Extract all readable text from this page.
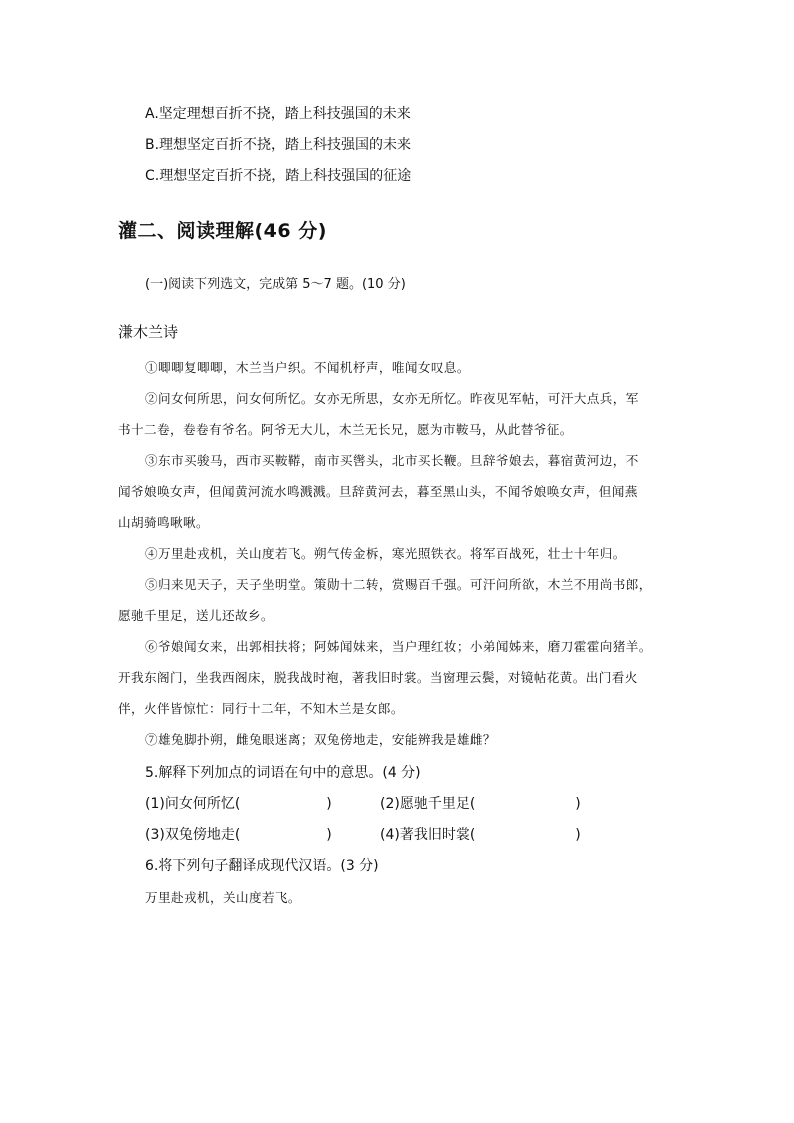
A.坚定理想百折不挠，踏上科技强国的未来
B.理想坚定百折不挠，踏上科技强国的未来
C.理想坚定百折不挠，踏上科技强国的征途
灌二、阅读理解(46 分)
(一)阅读下列选文，完成第 5～7 题。(10 分)
溓木兰诗
①唧唧复唧唧，木兰当户织。不闻机杼声，唯闻女叹息。
②问女何所思，问女何所忆。女亦无所思，女亦无所忆。昨夜见军帖，可汗大点兵，军
书十二卷，卷卷有爷名。阿爷无大儿，木兰无长兄，愿为市鞍马，从此替爷征。
③东市买骏马，西市买鞍鞯，南市买辔头，北市买长鞭。旦辞爷娘去，暮宿黄河边，不
闻爷娘唤女声，但闻黄河流水鸣溅溅。旦辞黄河去，暮至黑山头，不闻爷娘唤女声，但闻燕
山胡骑鸣啾啾。
④万里赴戎机，关山度若飞。朔气传金柝，寒光照铁衣。将军百战死，壮士十年归。
⑤归来见天子，天子坐明堂。策勋十二转，赏赐百千强。可汗问所欲，木兰不用尚书郎，
愿驰千里足，送儿还故乡。
⑥爷娘闻女来，出郭相扶将；阿姊闻妹来，当户理红妆；小弟闻姊来，磨刀霍霍向猪羊。
开我东阁门，坐我西阁床，脱我战时袍，著我旧时裳。当窗理云鬓，对镜帖花黄。出门看火
伴，火伴皆惊忙：同行十二年，不知木兰是女郎。
⑦雄兔脚扑朔，雌兔眼迷离；双兔傍地走，安能辨我是雄雌？
5.解释下列加点的词语在句中的意思。(4 分)
(1)问女何所忆(	)	(2)愿驰千里足(	)
(3)双兔傍地走(	)	(4)著我旧时裳(	)
6.将下列句子翻译成现代汉语。(3 分)
万里赴戎机，关山度若飞。
